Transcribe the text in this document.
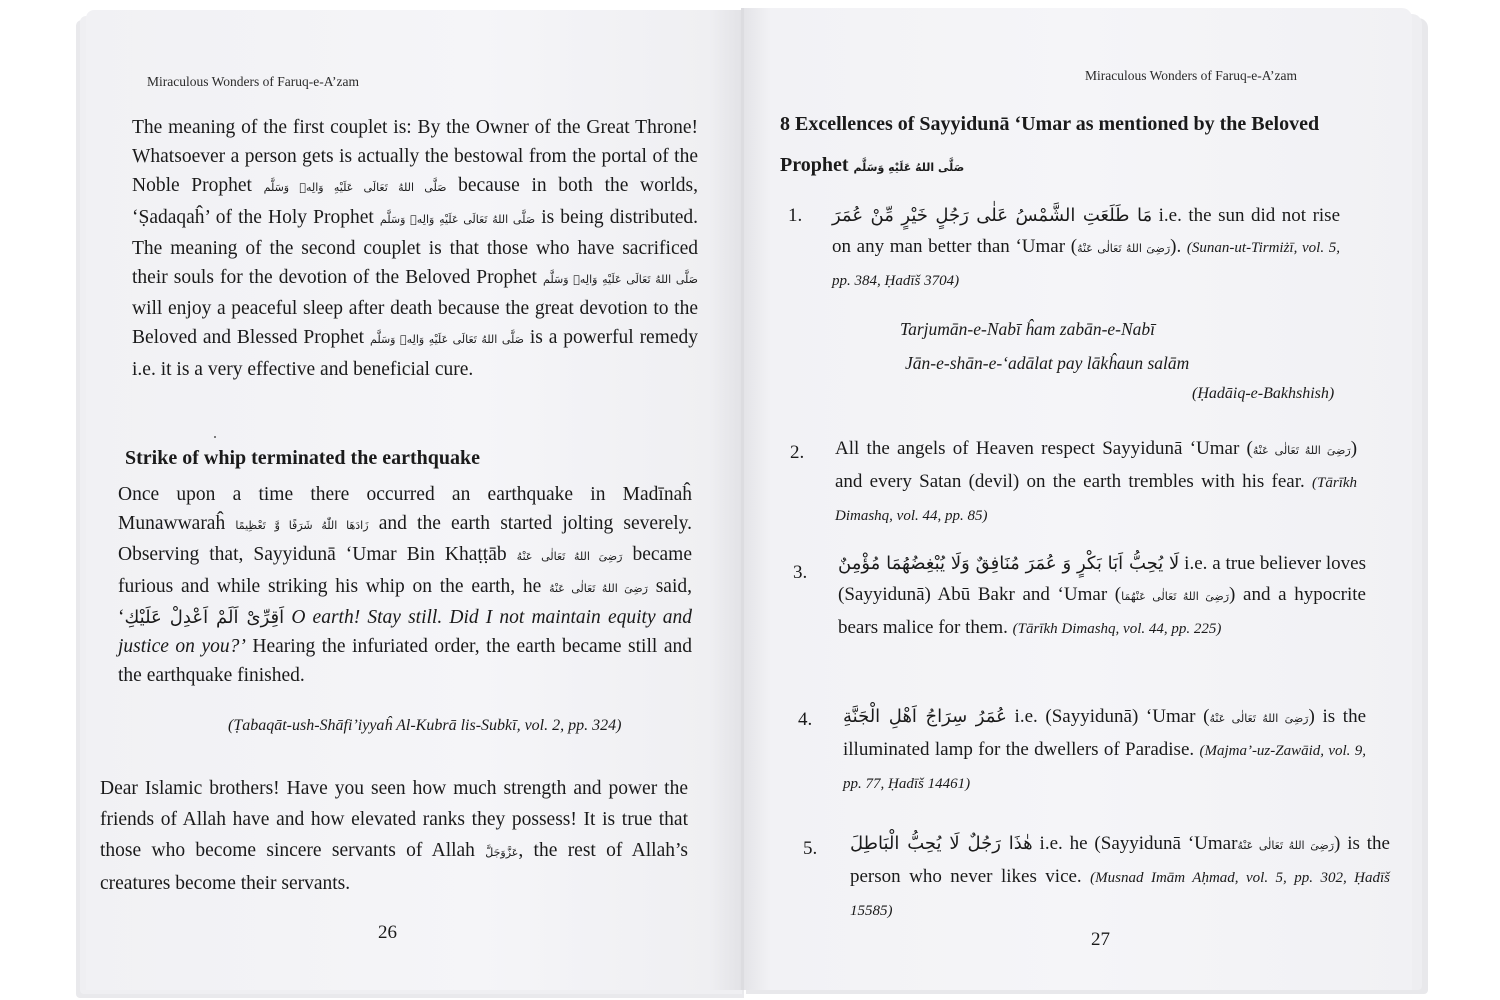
Miraculous Wonders of Faruq-e-A’zam

The meaning of the first couplet is: By the Owner of the Great Throne! Whatsoever a person gets is actually the bestowal from the portal of the Noble Prophet صَلَّى اللهُ تَعَالَى عَلَيْهِ وَالِهٖ وَسَلَّم because in both the worlds, ‘Ṣadaqaĥ’ of the Holy Prophet صَلَّى اللهُ تَعَالَى عَلَيْهِ وَالِهٖ وَسَلَّم is being distributed. The meaning of the second couplet is that those who have sacrificed their souls for the devotion of the Beloved Prophet صَلَّى اللهُ تَعَالَى عَلَيْهِ وَالِهٖ وَسَلَّم will enjoy a peaceful sleep after death because the great devotion to the Beloved and Blessed Prophet صَلَّى اللهُ تَعَالَى عَلَيْهِ وَالِهٖ وَسَلَّم is a powerful remedy i.e. it is a very effective and beneficial cure.

Strike of whip terminated the earthquake

Once upon a time there occurred an earthquake in Madīnaĥ Munawwaraĥ زَادَهَا اللّٰهُ شَرَفًا وَّ تَعْظِيمًا and the earth started jolting severely. Observing that, Sayyidunā ‘Umar Bin Khaṭṭāb رَضِىَ اللهُ تَعَالٰى عَنْهُ became furious and while striking his whip on the earth, he رَضِىَ اللهُ تَعَالٰى عَنْهُ said, ‘اَقِرِّىْ اَلَمْ اَعْدِلْ عَلَيْكِ O earth! Stay still. Did I not maintain equity and justice on you?’ Hearing the infuriated order, the earth became still and the earthquake finished.

(Ṭabaqāt-ush-Shāfi’iyyaĥ Al-Kubrā lis-Subkī, vol. 2, pp. 324)

Dear Islamic brothers! Have you seen how much strength and power the friends of Allah have and how elevated ranks they possess! It is true that those who become sincere servants of Allah عَزَّوَجَلَّ, the rest of Allah’s creatures become their servants.

26
Miraculous Wonders of Faruq-e-A’zam
8 Excellences of Sayyidunā ‘Umar as mentioned by the Beloved Prophet صَلَّى اللهُ عَلَيْهِ وَسَلَّم
1. مَا طَلَعَتِ الشَّمْسُ عَلٰى رَجُلٍ خَيْرٍ مِّنْ عُمَرَ i.e. the sun did not rise on any man better than ‘Umar (رَضِىَ اللهُ تَعَالٰى عَنْهُ). (Sunan-ut-Tirmiżī, vol. 5, pp. 384, Ḥadīš 3704)
Tarjumān-e-Nabī ĥam zabān-e-Nabī
Jān-e-shān-e-‘adālat pay lākĥaun salām
(Ḥadāiq-e-Bakhshish)
2. All the angels of Heaven respect Sayyidunā ‘Umar (رَضِىَ اللهُ تَعَالٰى عَنْهُ) and every Satan (devil) on the earth trembles with his fear. (Tārīkh Dimashq, vol. 44, pp. 85)
3. لَا يُحِبُّ اَبَا بَكْرٍ وَ عُمَرَ مُنَافِقٌ وَلَا يُبْغِضُهُمَا مُؤْمِنٌ i.e. a true believer loves (Sayyidunā) Abū Bakr and ‘Umar (رَضِىَ اللهُ تَعَالٰى عَنْهُمَا) and a hypocrite bears malice for them. (Tārīkh Dimashq, vol. 44, pp. 225)
4. عُمَرُ سِرَاجُ اَهْلِ الْجَنَّةِ i.e. (Sayyidunā) ‘Umar (رَضِىَ اللهُ تَعَالٰى عَنْهُ) is the illuminated lamp for the dwellers of Paradise. (Majma’-uz-Zawāid, vol. 9, pp. 77, Ḥadīš 14461)
5. هٰذَا رَجُلٌ لَا يُحِبُّ الْبَاطِلَ i.e. he (Sayyidunā ‘Umarرَضِىَ اللهُ تَعَالٰى عَنْهُ) is the person who never likes vice. (Musnad Imām Aḥmad, vol. 5, pp. 302, Ḥadīš 15585)
27
